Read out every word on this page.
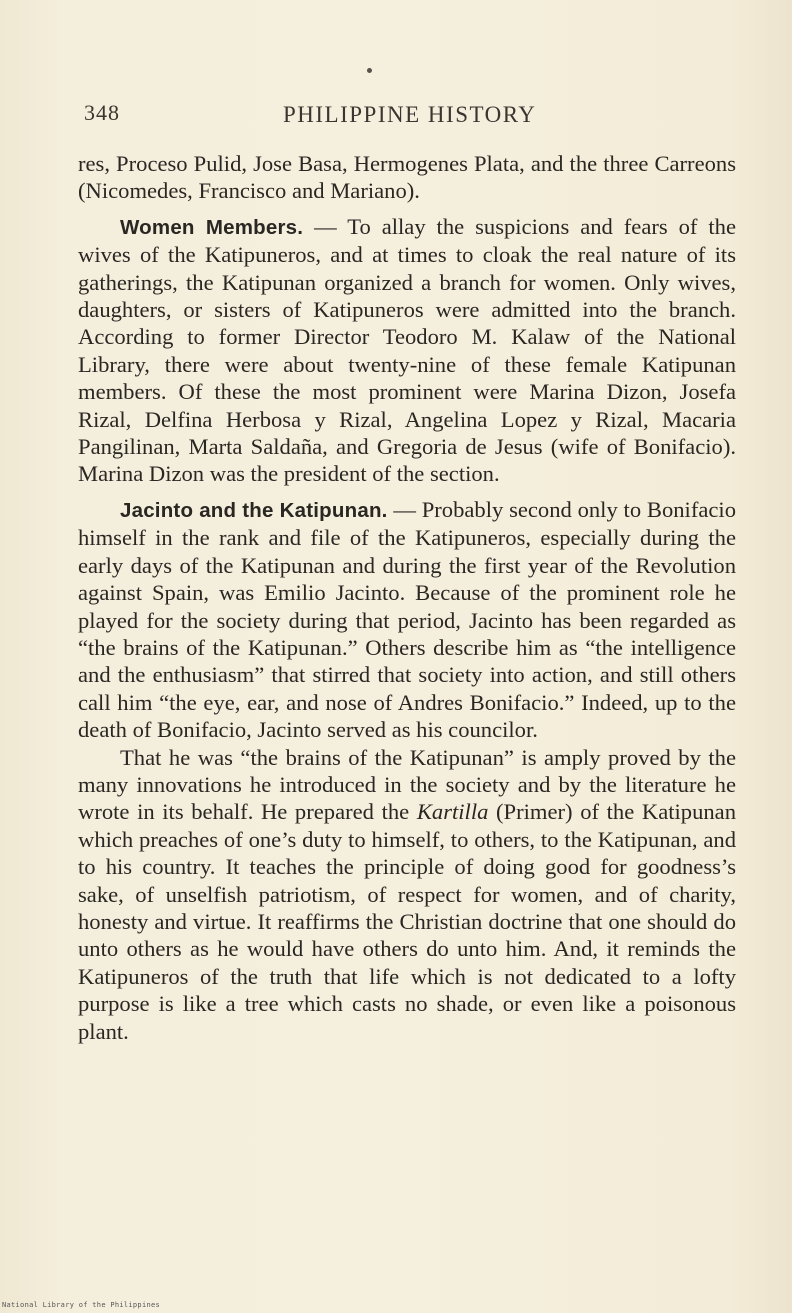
348	PHILIPPINE HISTORY

res, Proceso Pulid, Jose Basa, Hermogenes Plata, and the three Carreons (Nicomedes, Francisco and Mariano).

Women Members. — To allay the suspicions and fears of the wives of the Katipuneros, and at times to cloak the real nature of its gatherings, the Katipunan organized a branch for women. Only wives, daughters, or sisters of Katipuneros were admitted into the branch. According to former Director Teodoro M. Kalaw of the National Library, there were about twenty-nine of these female Katipunan members. Of these the most prominent were Marina Dizon, Josefa Rizal, Delfina Herbosa y Rizal, Angelina Lopez y Rizal, Macaria Pangilinan, Marta Saldaña, and Gregoria de Jesus (wife of Bonifacio). Marina Dizon was the president of the section.

Jacinto and the Katipunan. — Probably second only to Bonifacio himself in the rank and file of the Katipuneros, especially during the early days of the Katipunan and during the first year of the Revolution against Spain, was Emilio Jacinto. Because of the prominent role he played for the society during that period, Jacinto has been regarded as “the brains of the Katipunan.” Others describe him as “the intelligence and the enthusiasm” that stirred that society into action, and still others call him “the eye, ear, and nose of Andres Bonifacio.” Indeed, up to the death of Bonifacio, Jacinto served as his councilor.

That he was “the brains of the Katipunan” is amply proved by the many innovations he introduced in the society and by the literature he wrote in its behalf. He prepared the Kartilla (Primer) of the Katipunan which preaches of one’s duty to himself, to others, to the Katipunan, and to his country. It teaches the principle of doing good for goodness’s sake, of unselfish patriotism, of respect for women, and of charity, honesty and virtue. It reaffirms the Christian doctrine that one should do unto others as he would have others do unto him. And, it reminds the Katipuneros of the truth that life which is not dedicated to a lofty purpose is like a tree which casts no shade, or even like a poisonous plant.

National Library of the Philippines
